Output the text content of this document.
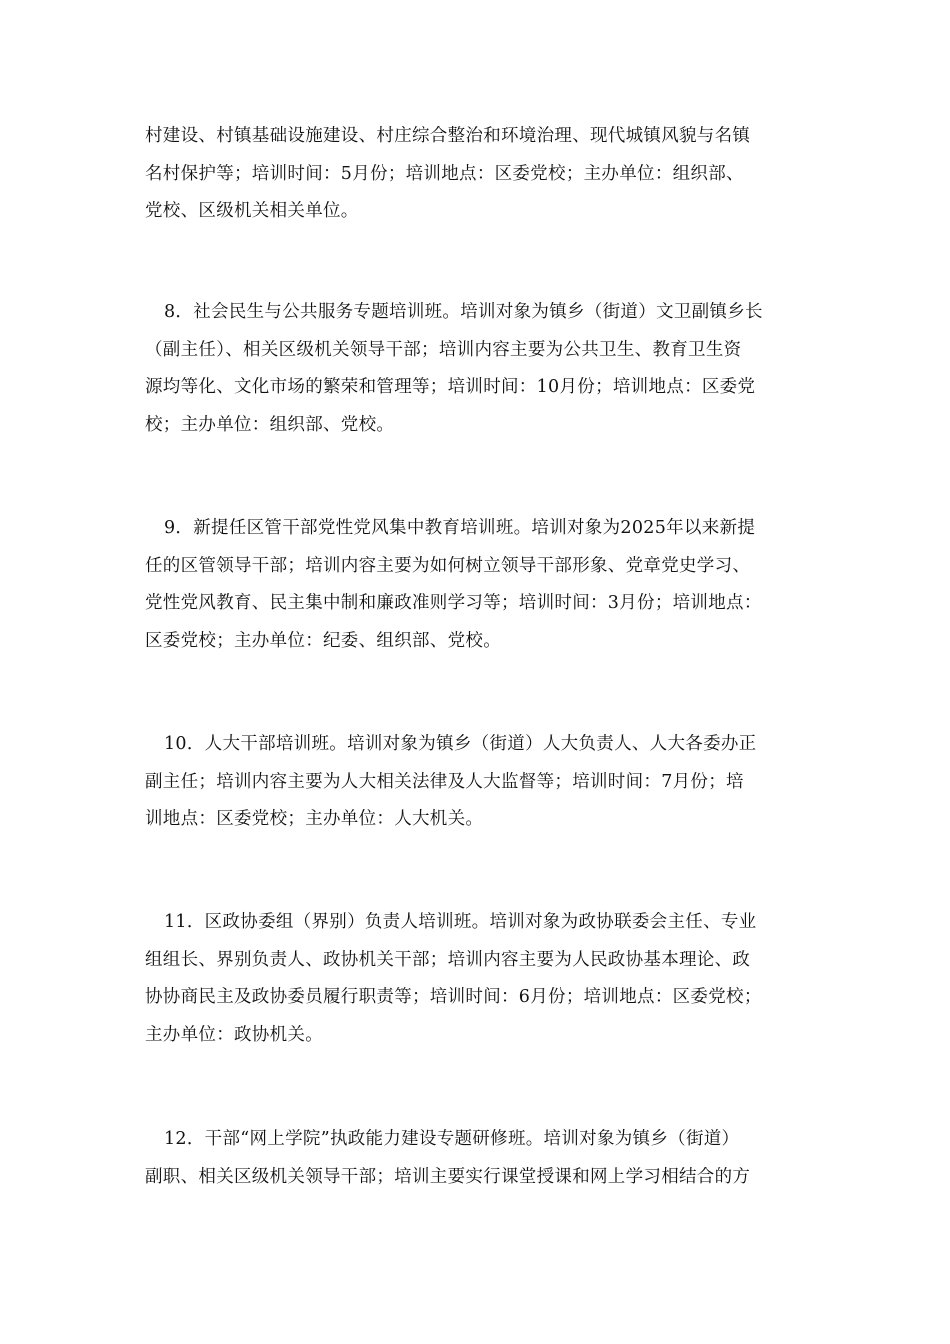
村建设、村镇基础设施建设、村庄综合整治和环境治理、现代城镇风貌与名镇
名村保护等；培训时间：5月份；培训地点：区委党校；主办单位：组织部、
党校、区级机关相关单位。
8．社会民生与公共服务专题培训班。培训对象为镇乡（街道）文卫副镇乡长
（副主任）、相关区级机关领导干部；培训内容主要为公共卫生、教育卫生资
源均等化、文化市场的繁荣和管理等；培训时间：10月份；培训地点：区委党
校；主办单位：组织部、党校。
9．新提任区管干部党性党风集中教育培训班。培训对象为2025年以来新提
任的区管领导干部；培训内容主要为如何树立领导干部形象、党章党史学习、
党性党风教育、民主集中制和廉政准则学习等；培训时间：3月份；培训地点：
区委党校；主办单位：纪委、组织部、党校。
10．人大干部培训班。培训对象为镇乡（街道）人大负责人、人大各委办正
副主任；培训内容主要为人大相关法律及人大监督等；培训时间：7月份；培
训地点：区委党校；主办单位：人大机关。
11．区政协委组（界别）负责人培训班。培训对象为政协联委会主任、专业
组组长、界别负责人、政协机关干部；培训内容主要为人民政协基本理论、政
协协商民主及政协委员履行职责等；培训时间：6月份；培训地点：区委党校；
主办单位：政协机关。
12．干部“网上学院”执政能力建设专题研修班。培训对象为镇乡（街道）
副职、相关区级机关领导干部；培训主要实行课堂授课和网上学习相结合的方
